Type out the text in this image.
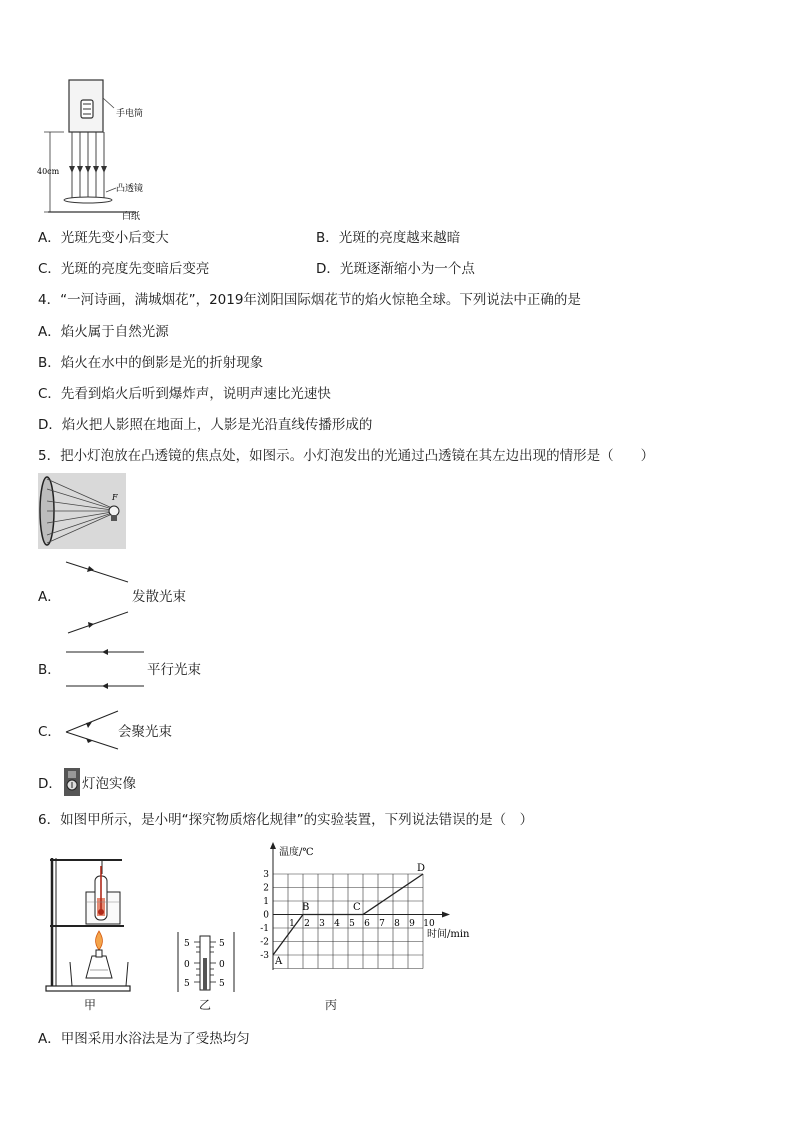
手电筒
40cm
凸透镜
白纸
A．光斑先变小后变大	B．光斑的亮度越来越暗
C．光斑的亮度先变暗后变亮	D．光斑逐渐缩小为一个点
4．“一河诗画，满城烟花”，2019年浏阳国际烟花节的焰火惊艳全球。下列说法中正确的是
A．焰火属于自然光源
B．焰火在水中的倒影是光的折射现象
C．先看到焰火后听到爆炸声，说明声速比光速快
D．焰火把人影照在地面上，人影是光沿直线传播形成的
5．把小灯泡放在凸透镜的焦点处，如图示。小灯泡发出的光通过凸透镜在其左边出现的情形是（　　）
F
A．	发散光束
B．	平行光束
C．	会聚光束
D． 灯泡实像
6．如图甲所示，是小明“探究物质熔化规律”的实验装置，下列说法错误的是（　）
甲
5
0
5
5
0
5
乙
温度/℃
时间/min
3
2
1
0
-1
-2
-3
1 2 3 4 5 6 7 8 9 10
A
B	C
D
丙
A．甲图采用水浴法是为了受热均匀
